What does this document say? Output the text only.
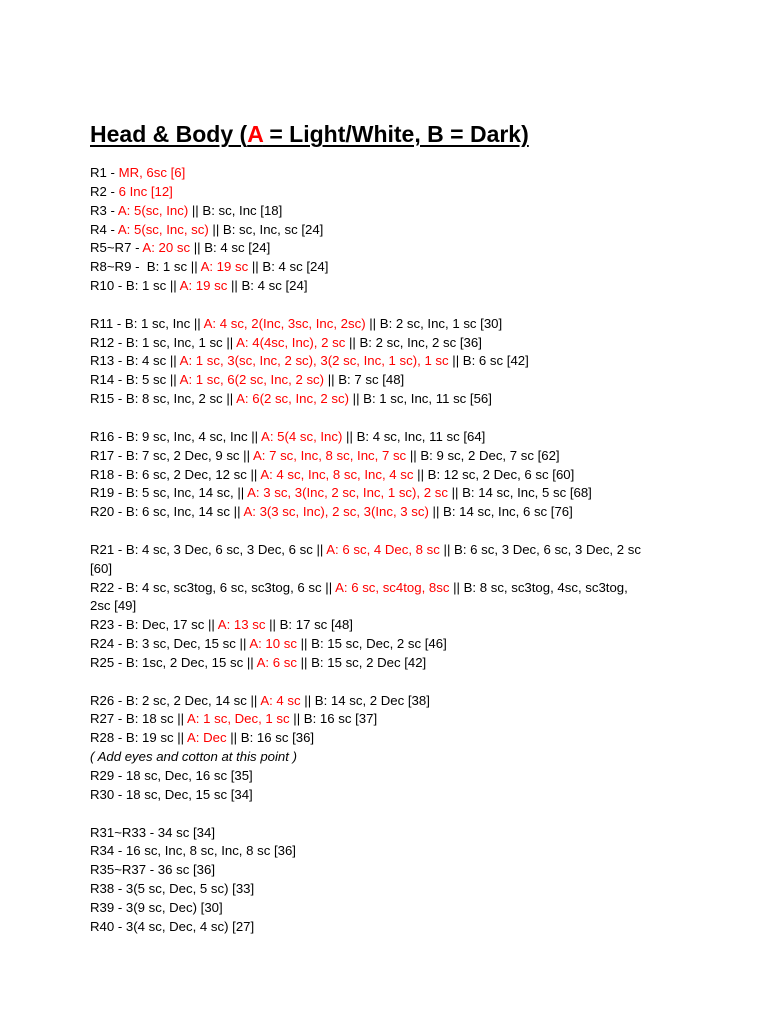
Head & Body (A = Light/White, B = Dark)
R1 - MR, 6sc [6]
R2 - 6 Inc [12]
R3 - A: 5(sc, Inc) || B: sc, Inc [18]
R4 - A: 5(sc, Inc, sc) || B: sc, Inc, sc [24]
R5~R7 - A: 20 sc || B: 4 sc [24]
R8~R9 -  B: 1 sc || A: 19 sc || B: 4 sc [24]
R10 - B: 1 sc || A: 19 sc || B: 4 sc [24]
R11 - B: 1 sc, Inc || A: 4 sc, 2(Inc, 3sc, Inc, 2sc) || B: 2 sc, Inc, 1 sc [30]
R12 - B: 1 sc, Inc, 1 sc || A: 4(4sc, Inc), 2 sc || B: 2 sc, Inc, 2 sc [36]
R13 - B: 4 sc || A: 1 sc, 3(sc, Inc, 2 sc), 3(2 sc, Inc, 1 sc), 1 sc || B: 6 sc [42]
R14 - B: 5 sc || A: 1 sc, 6(2 sc, Inc, 2 sc) || B: 7 sc [48]
R15 - B: 8 sc, Inc, 2 sc || A: 6(2 sc, Inc, 2 sc) || B: 1 sc, Inc, 11 sc [56]
R16 - B: 9 sc, Inc, 4 sc, Inc || A: 5(4 sc, Inc) || B: 4 sc, Inc, 11 sc [64]
R17 - B: 7 sc, 2 Dec, 9 sc || A: 7 sc, Inc, 8 sc, Inc, 7 sc || B: 9 sc, 2 Dec, 7 sc [62]
R18 - B: 6 sc, 2 Dec, 12 sc || A: 4 sc, Inc, 8 sc, Inc, 4 sc || B: 12 sc, 2 Dec, 6 sc [60]
R19 - B: 5 sc, Inc, 14 sc, || A: 3 sc, 3(Inc, 2 sc, Inc, 1 sc), 2 sc || B: 14 sc, Inc, 5 sc [68]
R20 - B: 6 sc, Inc, 14 sc || A: 3(3 sc, Inc), 2 sc, 3(Inc, 3 sc) || B: 14 sc, Inc, 6 sc [76]
R21 - B: 4 sc, 3 Dec, 6 sc, 3 Dec, 6 sc || A: 6 sc, 4 Dec, 8 sc || B: 6 sc, 3 Dec, 6 sc, 3 Dec, 2 sc
[60]
R22 - B: 4 sc, sc3tog, 6 sc, sc3tog, 6 sc || A: 6 sc, sc4tog, 8sc || B: 8 sc, sc3tog, 4sc, sc3tog,
2sc [49]
R23 - B: Dec, 17 sc || A: 13 sc || B: 17 sc [48]
R24 - B: 3 sc, Dec, 15 sc || A: 10 sc || B: 15 sc, Dec, 2 sc [46]
R25 - B: 1sc, 2 Dec, 15 sc || A: 6 sc || B: 15 sc, 2 Dec [42]
R26 - B: 2 sc, 2 Dec, 14 sc || A: 4 sc || B: 14 sc, 2 Dec [38]
R27 - B: 18 sc || A: 1 sc, Dec, 1 sc || B: 16 sc [37]
R28 - B: 19 sc || A: Dec || B: 16 sc [36]
( Add eyes and cotton at this point )
R29 - 18 sc, Dec, 16 sc [35]
R30 - 18 sc, Dec, 15 sc [34]
R31~R33 - 34 sc [34]
R34 - 16 sc, Inc, 8 sc, Inc, 8 sc [36]
R35~R37 - 36 sc [36]
R38 - 3(5 sc, Dec, 5 sc) [33]
R39 - 3(9 sc, Dec) [30]
R40 - 3(4 sc, Dec, 4 sc) [27]
